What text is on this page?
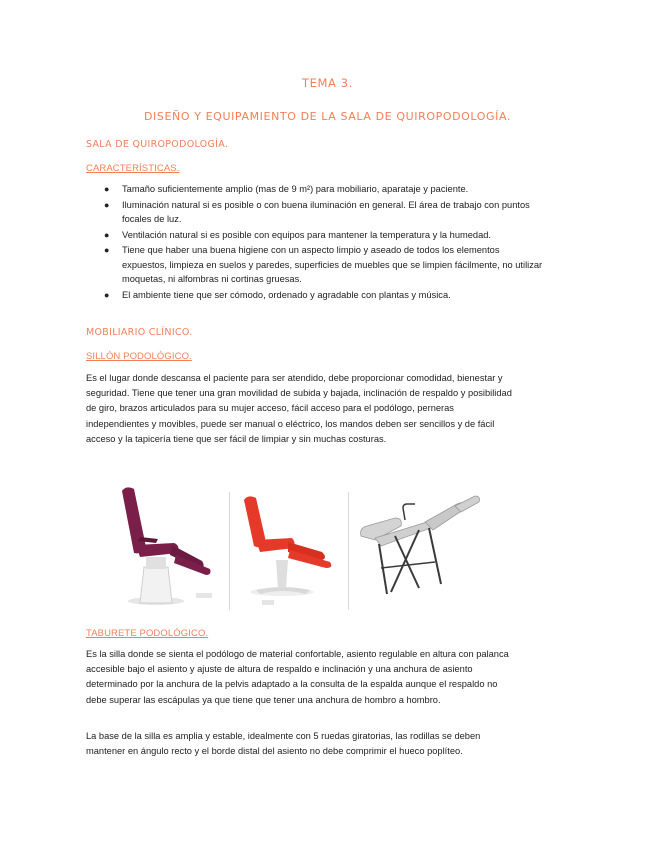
TEMA 3.
DISEÑO Y EQUIPAMIENTO DE LA SALA DE QUIROPODOLOGÍA.
SALA DE QUIROPODOLOGÍA.
CARACTERÍSTICAS.
● Tamaño suficientemente amplio (mas de 9 m²) para mobiliario, aparataje y paciente.
● Iluminación natural si es posible o con buena iluminación en general. El área de trabajo con puntos focales de luz.
● Ventilación natural si es posible con equipos para mantener la temperatura y la humedad.
● Tiene que haber una buena higiene con un aspecto limpio y aseado de todos los elementos expuestos, limpieza en suelos y paredes, superficies de muebles que se limpien fácilmente, no utilizar moquetas, ni alfombras ni cortinas gruesas.
● El ambiente tiene que ser cómodo, ordenado y agradable con plantas y música.
MOBILIARIO CLÍNICO.
SILLÓN PODOLÓGICO.
Es el lugar donde descansa el paciente para ser atendido, debe proporcionar comodidad, bienestar y seguridad. Tiene que tener una gran movilidad de subida y bajada, inclinación de respaldo y posibilidad de giro, brazos articulados para su mujer acceso, fácil acceso para el podólogo, perneras independientes y movibles, puede ser manual o eléctrico, los mandos deben ser sencillos y de fácil acceso y la tapicería tiene que ser fácil de limpiar y sin muchas costuras.
TABURETE PODOLÓGICO.
Es la silla donde se sienta el podólogo de material confortable, asiento regulable en altura con palanca accesible bajo el asiento y ajuste de altura de respaldo e inclinación y una anchura de asiento determinado por la anchura de la pelvis adaptado a la consulta de la espalda aunque el respaldo no debe superar las escápulas ya que tiene que tener una anchura de hombro a hombro.
La base de la silla es amplia y estable, idealmente con 5 ruedas giratorias, las rodillas se deben mantener en ángulo recto y el borde distal del asiento no debe comprimir el hueco poplíteo.
